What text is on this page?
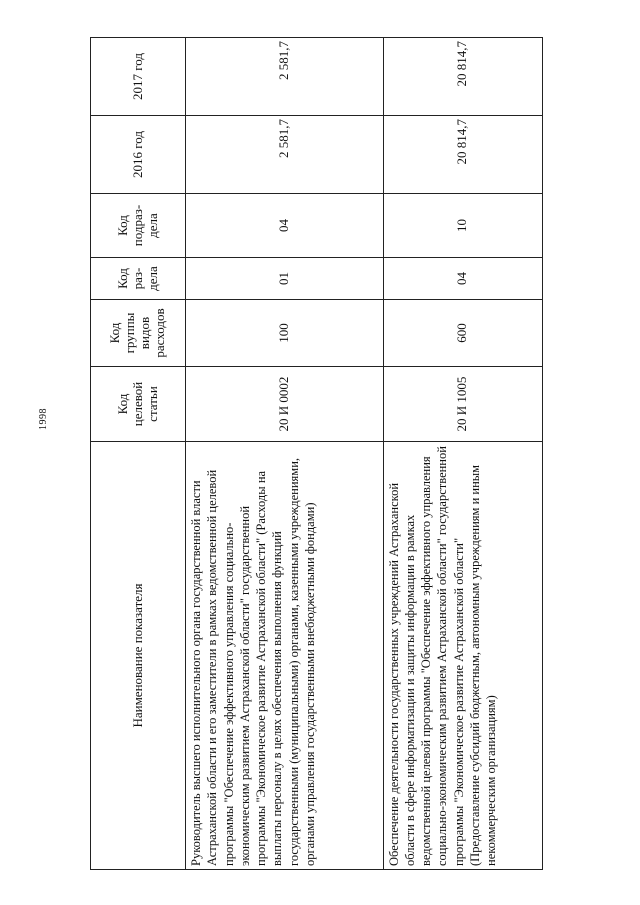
1998
Наименование показателя	Код целевой статьи	Код группы видов расходов	Код раз-дела	Код подраз-дела	2016 год	2017 год
Руководитель высшего исполнительного органа государственной власти Астраханской области и его заместители в рамках ведомственной целевой программы "Обеспечение эффективного управления социально-экономическим развитием Астраханской области" государственной программы "Экономическое развитие Астраханской области" (Расходы на выплаты персоналу в целях обеспечения выполнения функций государственными (муниципальными) органами, казенными учреждениями, органами управления государственными внебюджетными фондами)	20 И 0002	100	01	04	2 581,7	2 581,7
Обеспечение деятельности государственных учреждений Астраханской области в сфере информатизации и защиты информации в рамках ведомственной целевой программы "Обеспечение эффективного управления социально-экономическим развитием Астраханской области" государственной программы "Экономическое развитие Астраханской области" (Предоставление субсидий бюджетным, автономным учреждениям и иным некоммерческим организациям)	20 И 1005	600	04	10	20 814,7	20 814,7
